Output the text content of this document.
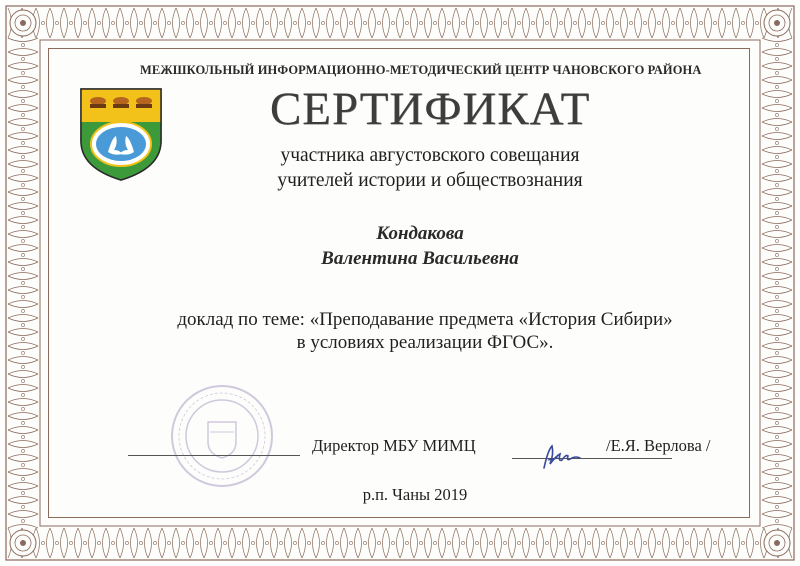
МЕЖШКОЛЬНЫЙ ИНФОРМАЦИОННО-МЕТОДИЧЕСКИЙ ЦЕНТР ЧАНОВСКОГО РАЙОНА
СЕРТИФИКАТ
участника августовского совещания
учителей истории и обществознания
Кондакова
Валентина Васильевна
доклад по теме: «Преподавание предмета «История Сибири»
в условиях реализации ФГОС».
Директор МБУ МИМЦ	/Е.Я. Верлова /
р.п. Чаны 2019
